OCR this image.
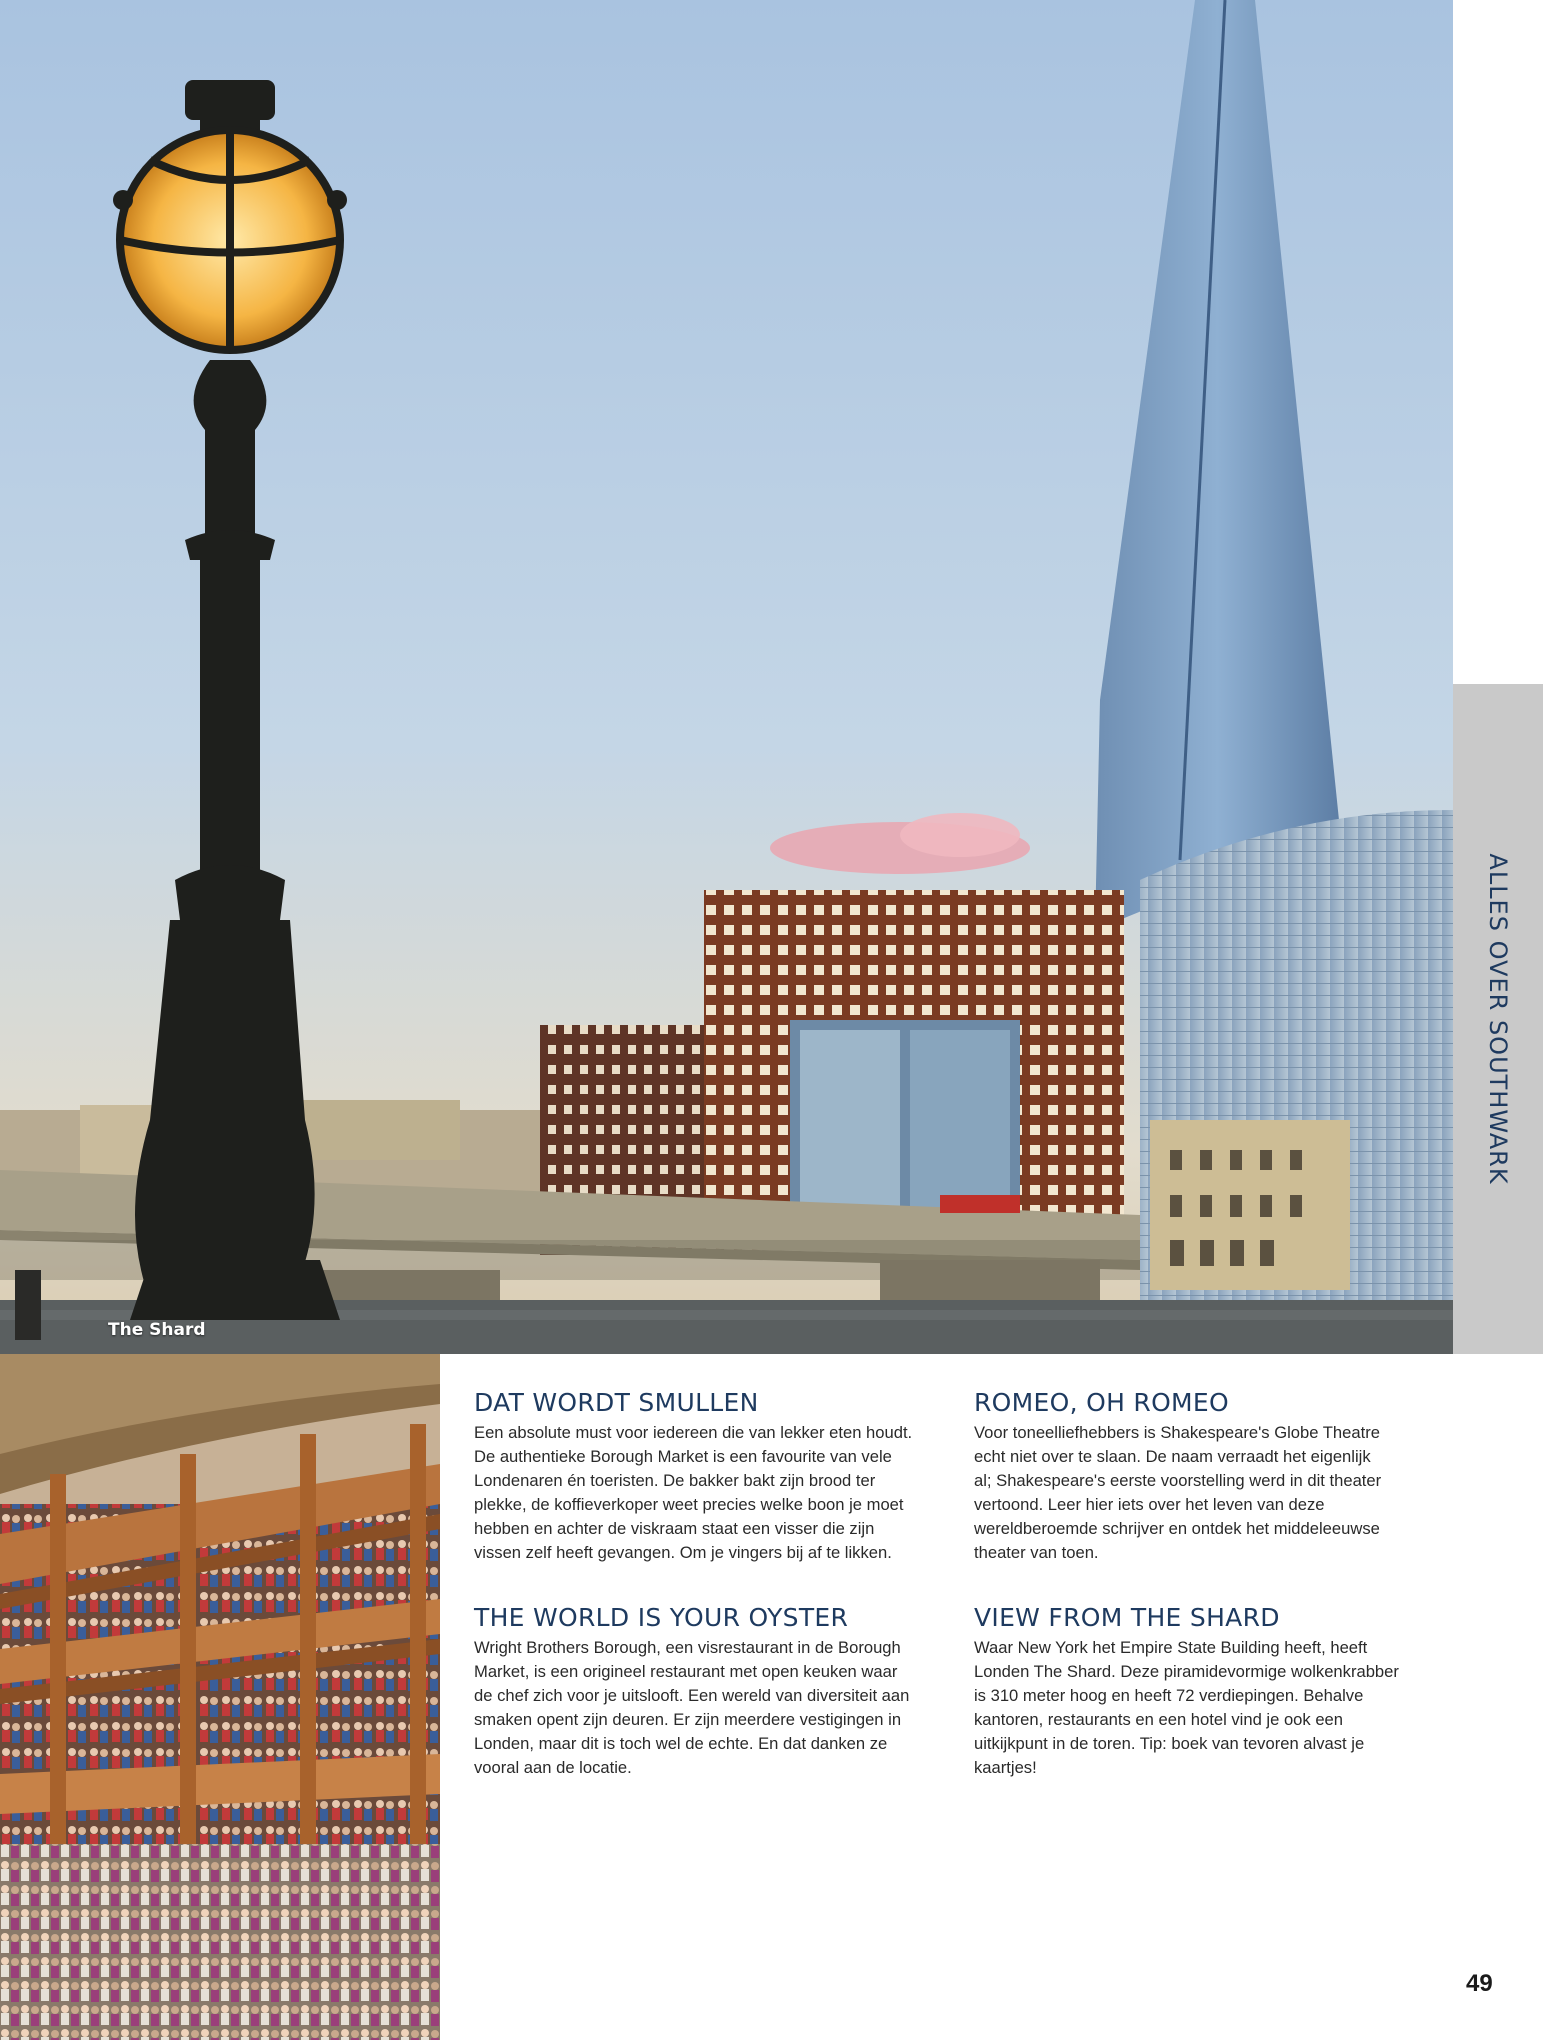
The Shard
ALLES OVER SOUTHWARK
DAT WORDT SMULLEN

Een absolute must voor iedereen die van lekker eten houdt.
De authentieke Borough Market is een favourite van vele
Londenaren én toeristen. De bakker bakt zijn brood ter
plekke, de koffieverkoper weet precies welke boon je moet
hebben en achter de viskraam staat een visser die zijn
vissen zelf heeft gevangen. Om je vingers bij af te likken.

ROMEO, OH ROMEO

Voor toneelliefhebbers is Shakespeare's Globe Theatre
echt niet over te slaan. De naam verraadt het eigenlijk
al; Shakespeare's eerste voorstelling werd in dit theater
vertoond. Leer hier iets over het leven van deze
wereldberoemde schrijver en ontdek het middeleeuwse
theater van toen.

THE WORLD IS YOUR OYSTER

Wright Brothers Borough, een visrestaurant in de Borough
Market, is een origineel restaurant met open keuken waar
de chef zich voor je uitslooft. Een wereld van diversiteit aan
smaken opent zijn deuren. Er zijn meerdere vestigingen in
Londen, maar dit is toch wel de echte. En dat danken ze
vooral aan de locatie.

VIEW FROM THE SHARD

Waar New York het Empire State Building heeft, heeft
Londen The Shard. Deze piramidevormige wolkenkrabber
is 310 meter hoog en heeft 72 verdiepingen. Behalve
kantoren, restaurants en een hotel vind je ook een
uitkijkpunt in de toren. Tip: boek van tevoren alvast je
kaartjes!

49
